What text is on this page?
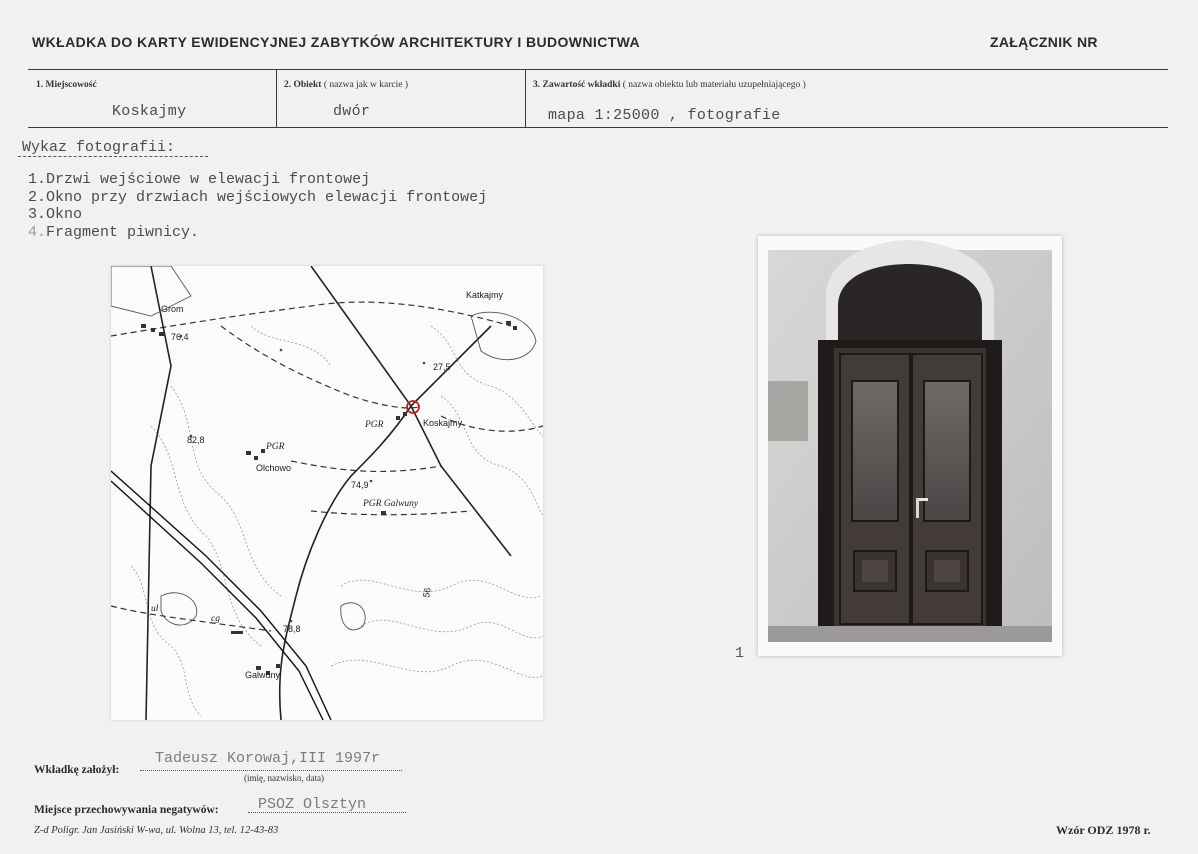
WKŁADKA DO KARTY EWIDENCYJNEJ ZABYTKÓW ARCHITEKTURY I BUDOWNICTWA	ZAŁĄCZNIK NR
1. Miejscowość
Koskajmy
2. Obiekt ( nazwa jak w karcie )
dwór
3. Zawartość wkładki ( nazwa obiektu lub materiału uzupełniającego )
mapa 1:25000 , fotografie
Wykaz fotografii:
1.Drzwi wejściowe w elewacji frontowej
2.Okno przy drzwiach wejściowych elewacji frontowej
3.Okno
4.Fragment piwnicy.
Grom
76,4
Katkajmy
27,5
PGR	Koskajmy
82,8
PGR
Olchowo
74,9
PGR Galwuny
78,8
Galwuny
56
ul
cg
1
Wkładkę założył:
Tadeusz Korowaj,III 1997r
(imię, nazwisko, data)
Miejsce przechowywania negatywów:	PSOZ Olsztyn
Z-d Poligr. Jan Jasiński W-wa, ul. Wolna 13, tel. 12-43-83	Wzór ODZ 1978 r.
